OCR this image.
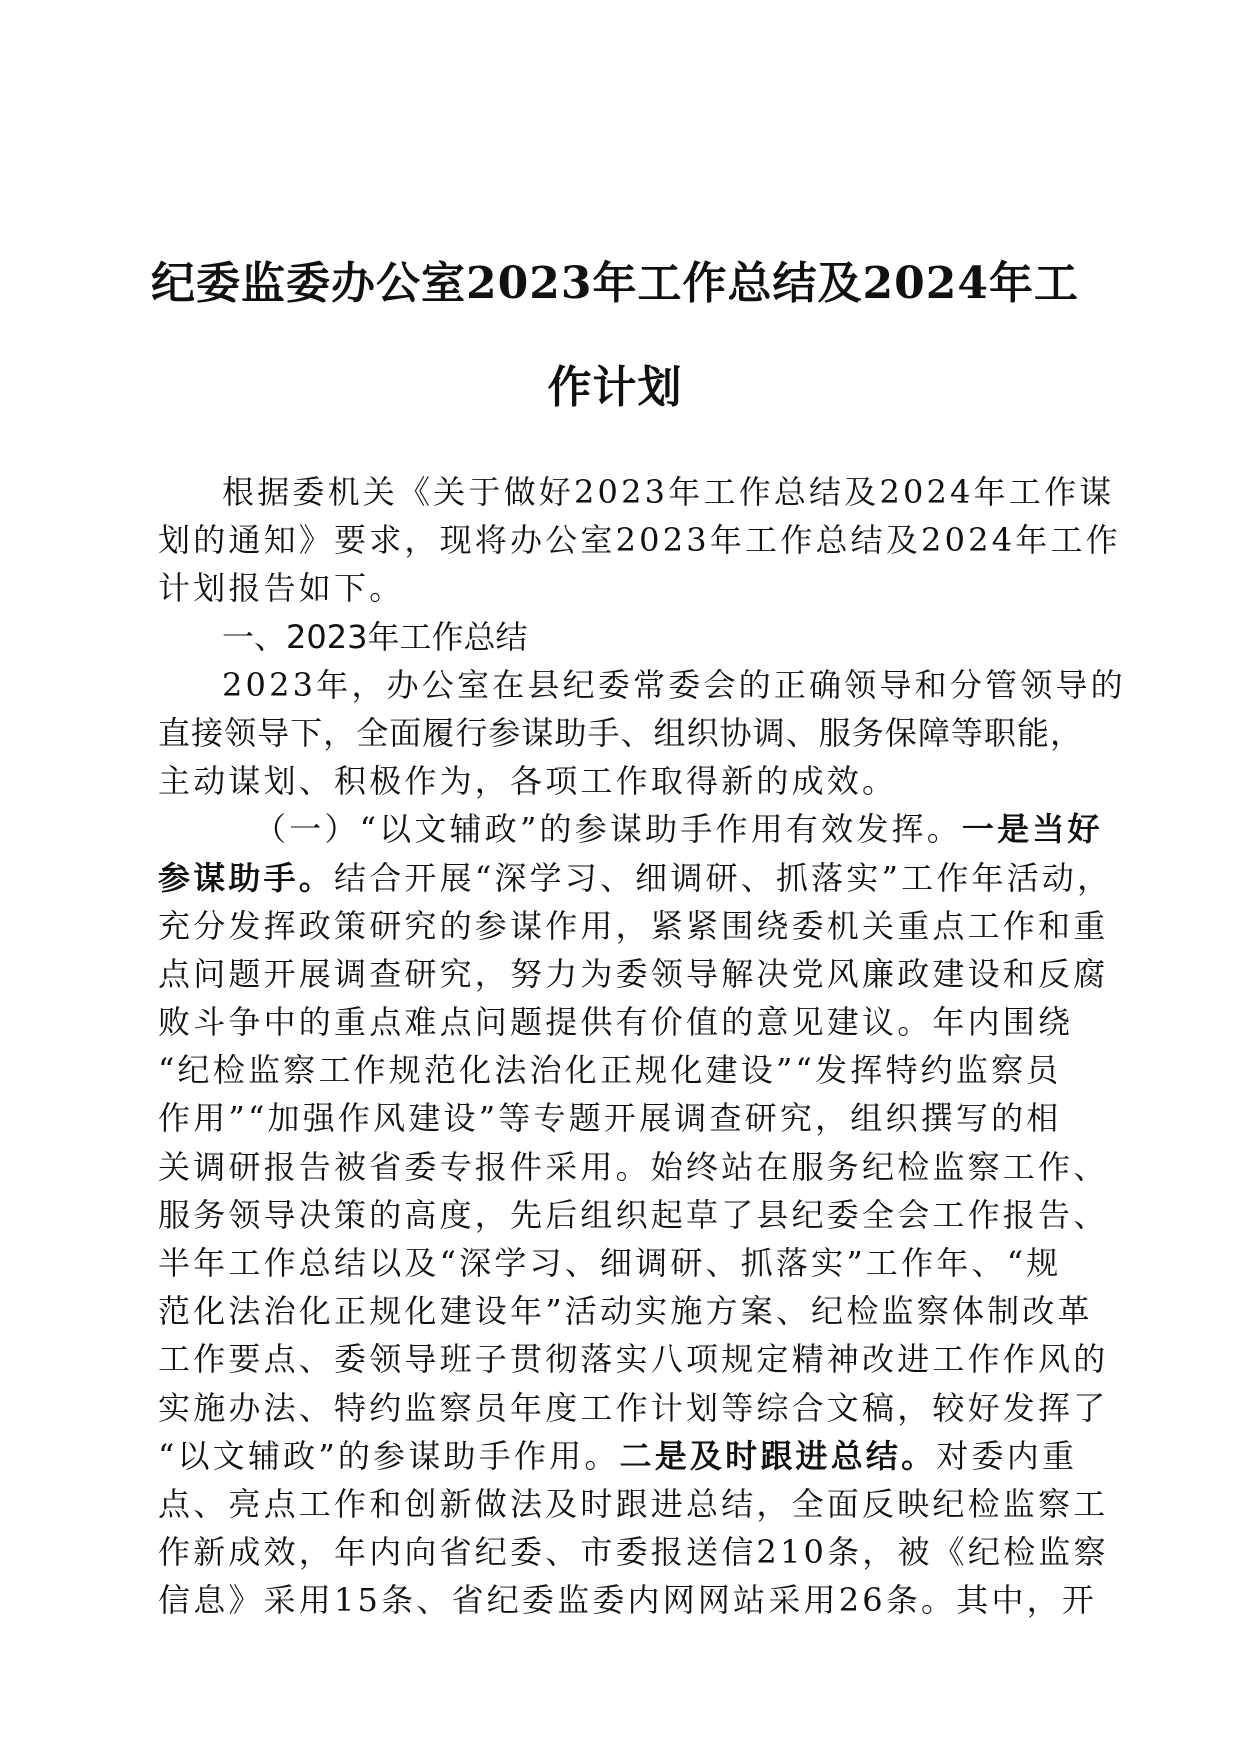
纪委监委办公室2023年工作总结及2024年工
作计划
根据委机关《关于做好2023年工作总结及2024年工作谋
划的通知》要求，现将办公室2023年工作总结及2024年工作
计划报告如下。
一、2023年工作总结
2023年，办公室在县纪委常委会的正确领导和分管领导的
直接领导下，全面履行参谋助手、组织协调、服务保障等职能，
主动谋划、积极作为，各项工作取得新的成效。
（一）“以文辅政”的参谋助手作用有效发挥。一是当好
参谋助手。结合开展“深学习、细调研、抓落实”工作年活动，
充分发挥政策研究的参谋作用，紧紧围绕委机关重点工作和重
点问题开展调查研究，努力为委领导解决党风廉政建设和反腐
败斗争中的重点难点问题提供有价值的意见建议。年内围绕
“纪检监察工作规范化法治化正规化建设”“发挥特约监察员
作用”“加强作风建设”等专题开展调查研究，组织撰写的相
关调研报告被省委专报件采用。始终站在服务纪检监察工作、
服务领导决策的高度，先后组织起草了县纪委全会工作报告、
半年工作总结以及“深学习、细调研、抓落实”工作年、“规
范化法治化正规化建设年”活动实施方案、纪检监察体制改革
工作要点、委领导班子贯彻落实八项规定精神改进工作作风的
实施办法、特约监察员年度工作计划等综合文稿，较好发挥了
“以文辅政”的参谋助手作用。二是及时跟进总结。对委内重
点、亮点工作和创新做法及时跟进总结，全面反映纪检监察工
作新成效，年内向省纪委、市委报送信210条，被《纪检监察
信息》采用15条、省纪委监委内网网站采用26条。其中，开
